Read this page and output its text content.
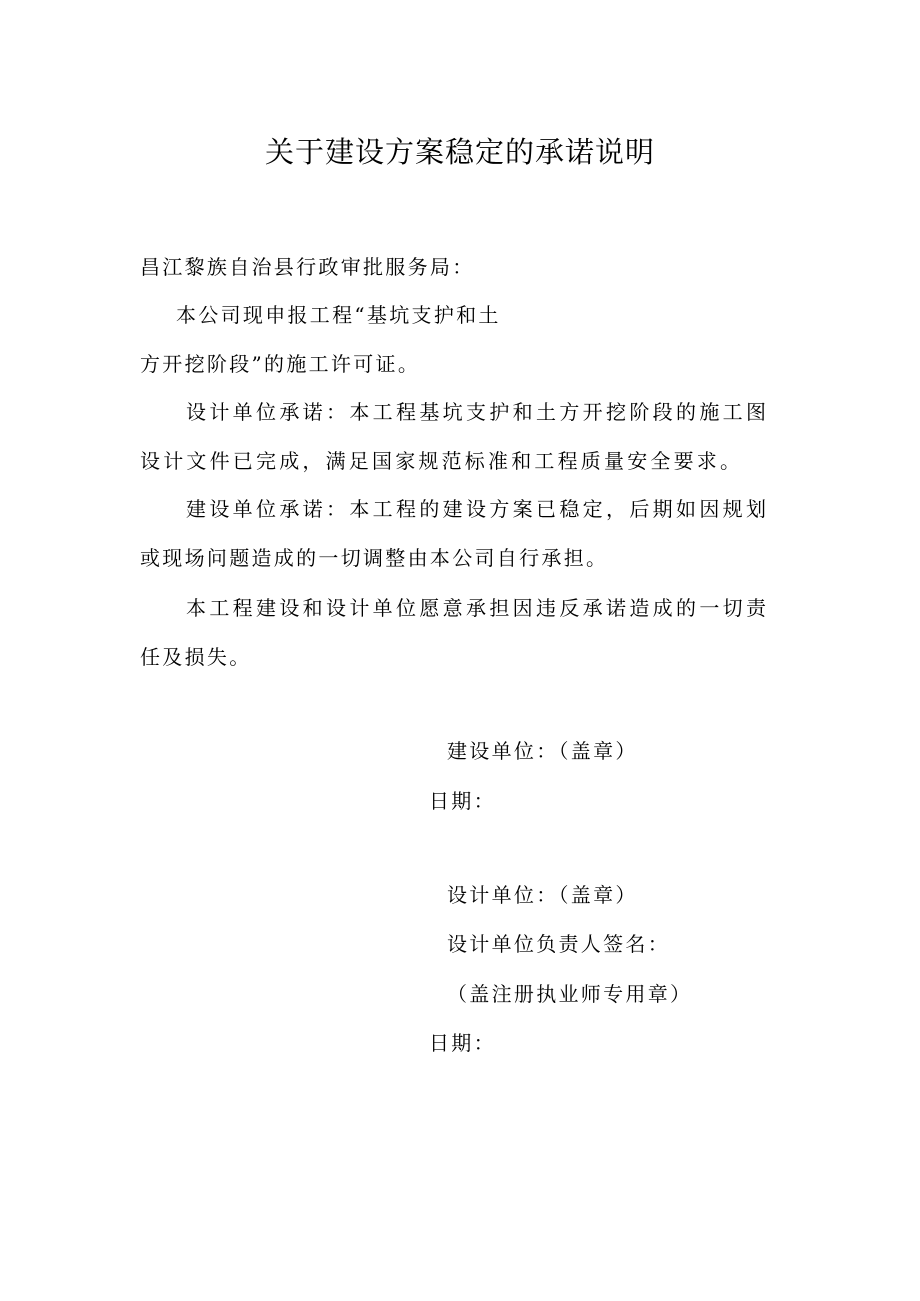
关于建设方案稳定的承诺说明
昌江黎族自治县行政审批服务局：
本公司现申报工程“基坑支护和土
方开挖阶段”的施工许可证。
设计单位承诺：本工程基坑支护和土方开挖阶段的施工图
设计文件已完成，满足国家规范标准和工程质量安全要求。
建设单位承诺：本工程的建设方案已稳定，后期如因规划
或现场问题造成的一切调整由本公司自行承担。
本工程建设和设计单位愿意承担因违反承诺造成的一切责
任及损失。
建设单位：（盖章）
日期：
设计单位：（盖章）
设计单位负责人签名：
（盖注册执业师专用章）
日期：
